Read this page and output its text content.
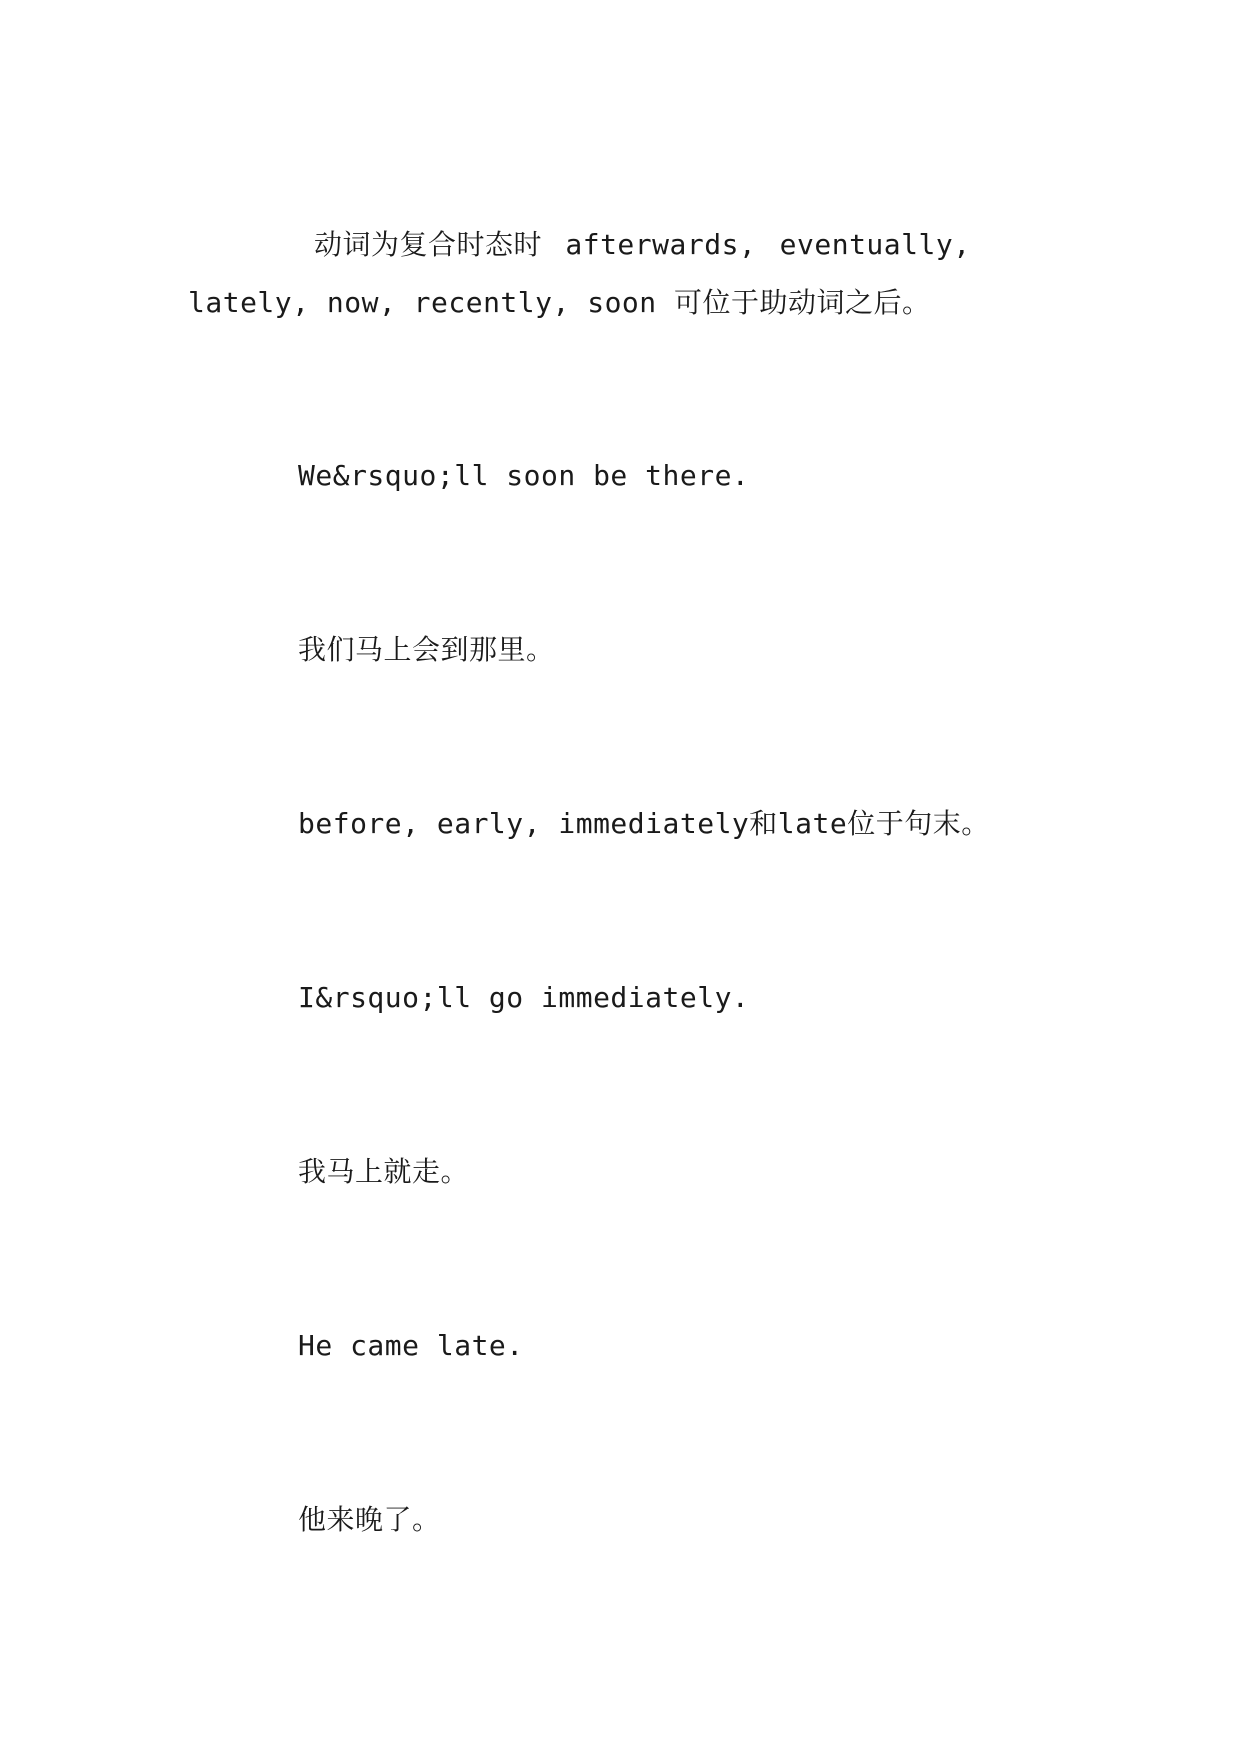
动词为复合时态时 afterwards, eventually,
lately, now, recently, soon 可位于助动词之后。
We&rsquo;ll soon be there.
我们马上会到那里。
before, early, immediately和late位于句末。
I&rsquo;ll go immediately.
我马上就走。
He came late.
他来晚了。
